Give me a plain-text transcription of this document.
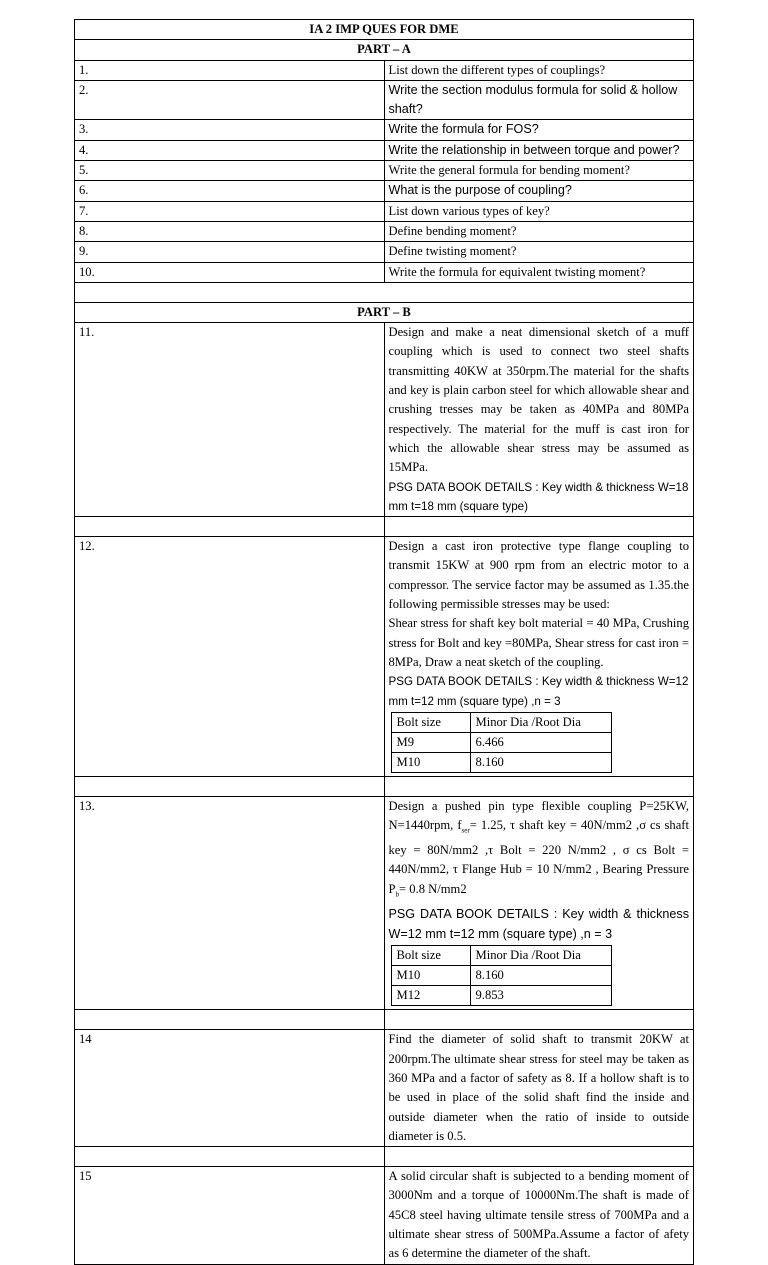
IA 2 IMP QUES FOR DME
PART – A
1.	List down the different types of couplings?
2.	Write the section modulus formula for solid & hollow shaft?
3.	Write the formula for FOS?
4.	Write the relationship in between torque and power?
5.	Write the general formula for bending moment?
6.	What is the purpose of coupling?
7.	List down various types of key?
8.	Define bending moment?
9.	Define twisting moment?
10.	Write the formula for equivalent twisting moment?

PART – B
11.	Design and make a neat dimensional sketch of a muff coupling which is used to connect two steel shafts transmitting 40KW at 350rpm.The material for the shafts and key is plain carbon steel for which allowable shear and crushing tresses may be taken as 40MPa and 80MPa respectively. The material for the muff is cast iron for which the allowable shear stress may be assumed as 15MPa.
PSG DATA BOOK DETAILS : Key width & thickness W=18 mm t=18 mm (square type)

12.	Design a cast iron protective type flange coupling to transmit 15KW at 900 rpm from an electric motor to a compressor. The service factor may be assumed as 1.35.the following permissible stresses may be used:
Shear stress for shaft key bolt material = 40 MPa, Crushing stress for Bolt and key =80MPa, Shear stress for cast iron = 8MPa, Draw a neat sketch of the coupling.
PSG DATA BOOK DETAILS : Key width & thickness W=12 mm t=12 mm (square type) ,n = 3
Bolt size	Minor Dia /Root Dia
M9	6.466
M10	8.160

13.	Design a pushed pin type flexible coupling P=25KW, N=1440rpm, $f_{ser}= 1.25$, τ shaft key = 40N/mm2 ,σ cs shaft key = 80N/mm2 ,τ Bolt = 220 N/mm2 , σ cs Bolt = 440N/mm2, τ Flange Hub = 10 N/mm2 , Bearing Pressure $P_b= 0.8$ N/mm2
PSG DATA BOOK DETAILS : Key width & thickness W=12 mm t=12 mm (square type) ,n = 3
Bolt size	Minor Dia /Root Dia
M10	8.160
M12	9.853

14	Find the diameter of solid shaft to transmit 20KW at 200rpm.The ultimate shear stress for steel may be taken as 360 MPa and a factor of safety as 8. If a hollow shaft is to be used in place of the solid shaft find the inside and outside diameter when the ratio of inside to outside diameter is 0.5.

15	A solid circular shaft is subjected to a bending moment of 3000Nm and a torque of 10000Nm.The shaft is made of 45C8 steel having ultimate tensile stress of 700MPa and a ultimate shear stress of 500MPa.Assume a factor of afety as 6 determine the diameter of the shaft.
